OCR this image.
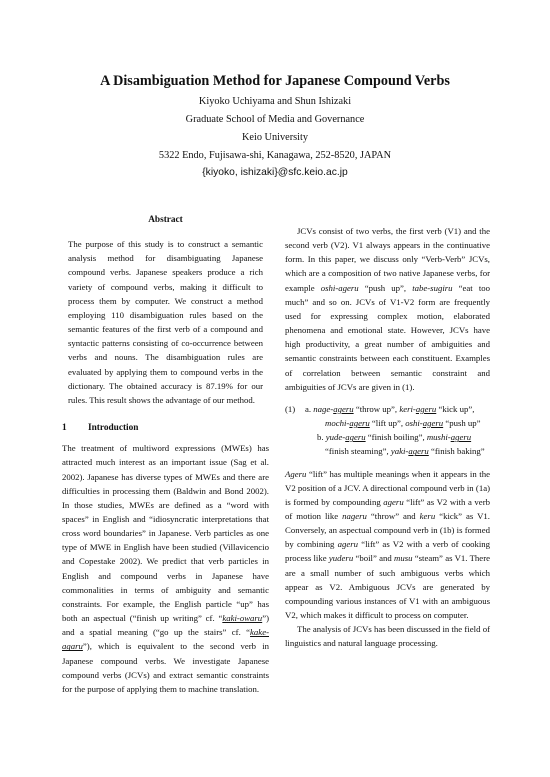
A Disambiguation Method for Japanese Compound Verbs
Kiyoko Uchiyama and Shun Ishizaki
Graduate School of Media and Governance
Keio University
5322 Endo, Fujisawa-shi, Kanagawa, 252-8520, JAPAN
{kiyoko, ishizaki}@sfc.keio.ac.jp
Abstract

The purpose of this study is to construct a semantic analysis method for disambiguating Japanese compound verbs. Japanese speakers produce a rich variety of compound verbs, making it difficult to process them by computer. We construct a method employing 110 disambiguation rules based on the semantic features of the first verb of a compound and syntactic patterns consisting of co-occurrence between verbs and nouns. The disambiguation rules are evaluated by applying them to compound verbs in the dictionary. The obtained accuracy is 87.19% for our rules. This result shows the advantage of our method.

1 Introduction

The treatment of multiword expressions (MWEs) has attracted much interest as an important issue (Sag et al. 2002). Japanese has diverse types of MWEs and there are difficulties in processing them (Baldwin and Bond 2002). In those studies, MWEs are defined as a “word with spaces” in English and “idiosyncratic interpretations that cross word boundaries” in Japanese. Verb particles as one type of MWE in English have been studied (Villavicencio and Copestake 2002). We predict that verb particles in English and compound verbs in Japanese have commonalities in terms of ambiguity and semantic constraints. For example, the English particle “up” has both an aspectual (“finish up writing” cf. “kaki-owaru”) and a spatial meaning (“go up the stairs” cf. “kake-agaru”), which is equivalent to the second verb in Japanese compound verbs. We investigate Japanese compound verbs (JCVs) and extract semantic constraints for the purpose of applying them to machine translation.

JCVs consist of two verbs, the first verb (V1) and the second verb (V2). V1 always appears in the continuative form. In this paper, we discuss only “Verb-Verb” JCVs, which are a composition of two native Japanese verbs, for example oshi-ageru “push up”, tabe-sugiru “eat too much” and so on. JCVs of V1-V2 form are frequently used for expressing complex motion, elaborated phenomena and emotional state. However, JCVs have high productivity, a great number of ambiguities and semantic constraints between each constituent. Examples of correlation between semantic constraint and ambiguities of JCVs are given in (1).

(1)	a. nage-ageru “throw up”, keri-ageru “kick up”,
mochi-ageru “lift up”, oshi-ageru “push up”
b. yude-ageru “finish boiling”, mushi-ageru
“finish steaming”, yaki-ageru “finish baking”

Ageru “lift” has multiple meanings when it appears in the V2 position of a JCV. A directional compound verb in (1a) is formed by compounding ageru “lift” as V2 with a verb of motion like nageru “throw” and keru “kick” as V1. Conversely, an aspectual compound verb in (1b) is formed by combining ageru “lift” as V2 with a verb of cooking process like yuderu “boil” and musu “steam” as V1. There are a small number of such ambiguous verbs which appear as V2. Ambiguous JCVs are generated by compounding various instances of V1 with an ambiguous V2, which makes it difficult to process on computer.

The analysis of JCVs has been discussed in the field of linguistics and natural language processing.
